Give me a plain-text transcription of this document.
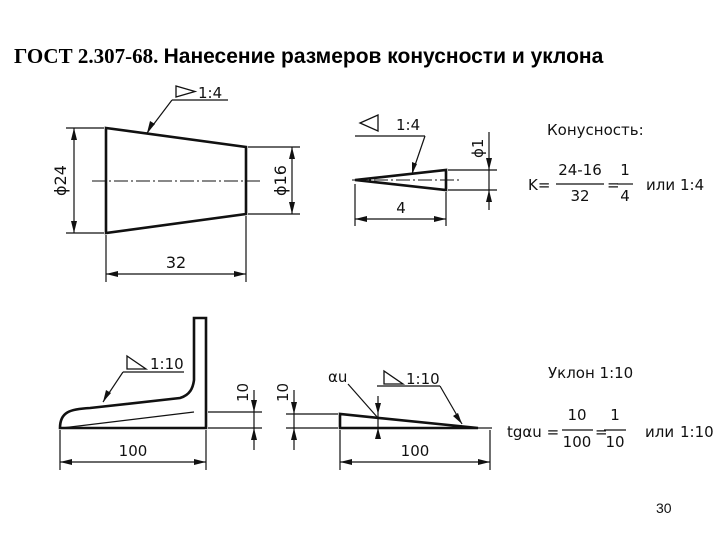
ГОСТ 2.307-68. Нанесение размеров конусности и уклона
ϕ24	ϕ16
32
1:4
1:4
ϕ1
4
Конусность:
K=
24-16
32
=
1
4
или 1:4
1:10
10
100
10
αu	1:10
100
Уклон 1:10
tgαu =
10
100
=
1
10
или 1:10
30
